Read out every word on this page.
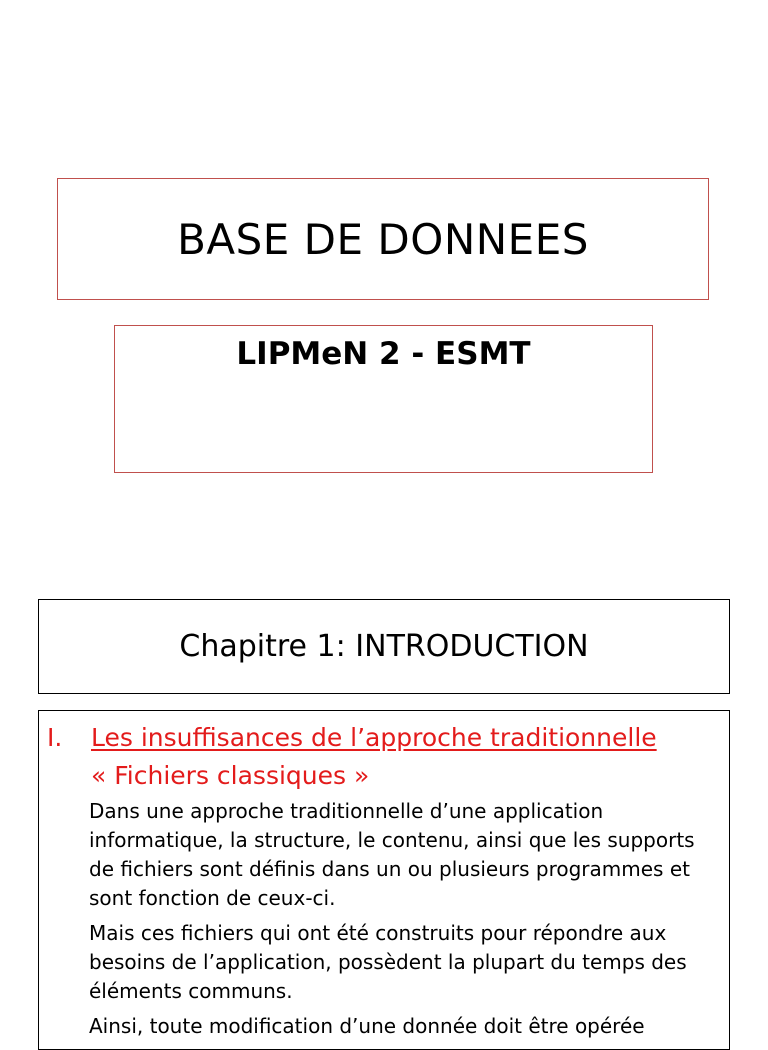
BASE DE DONNEES
LIPMeN 2 - ESMT
Chapitre 1: INTRODUCTION
I. Les insuffisances de l’approche traditionnelle
« Fichiers classiques »

Dans une approche traditionnelle d’une application informatique, la structure, le contenu, ainsi que les supports de fichiers sont définis dans un ou plusieurs programmes et sont fonction de ceux-ci.

Mais ces fichiers qui ont été construits pour répondre aux besoins de l’application, possèdent la plupart du temps des éléments communs.

Ainsi, toute modification d’une donnée doit être opérée
